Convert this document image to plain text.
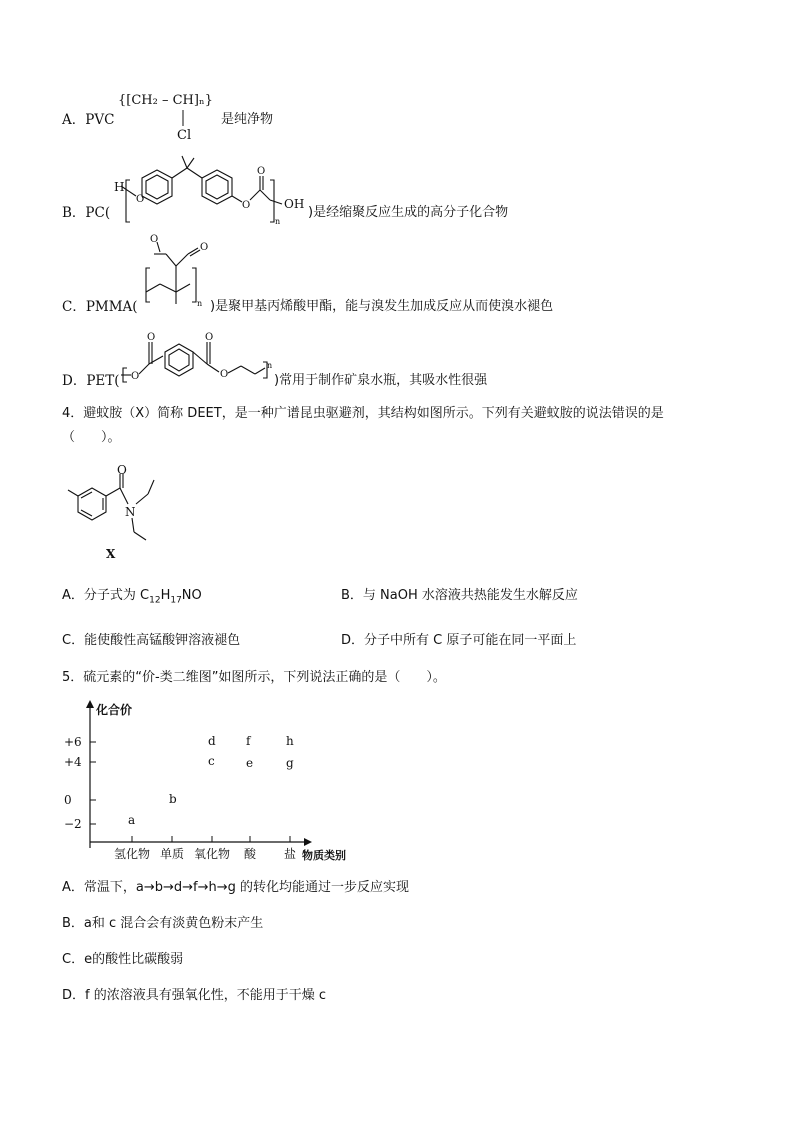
A．PVC
{[CH₂ – CH]ₙ}
Cl
是纯净物
B．PC(
H
O
O
O
n
OH
)是经缩聚反应生成的高分子化合物
C．PMMA(
O
O
n )是聚甲基丙烯酸甲酯，能与溴发生加成反应从而使溴水褪色
D．PET( O
O	O
O
n
)常用于制作矿泉水瓶，其吸水性很强
4．避蚊胺（X）简称 DEET，是一种广谱昆虫驱避剂，其结构如图所示。下列有关避蚊胺的说法错误的是
（　　）。
O
N
X
A．分子式为 $C_{12}H_{17}NO$	B．与 NaOH 水溶液共热能发生水解反应
C．能使酸性高锰酸钾溶液褪色	D．分子中所有 C 原子可能在同一平面上
5．硫元素的“价-类二维图”如图所示，下列说法正确的是（　　）。
化合价
物质类别
+6
+4
0
−2
氢化物 单质 氧化物 酸 盐
a
b
c
d
e
f
g
h
A．常温下，a→b→d→f→h→g 的转化均能通过一步反应实现
B．a和 c 混合会有淡黄色粉末产生
C．e的酸性比碳酸弱
D．f 的浓溶液具有强氧化性，不能用于干燥 c
